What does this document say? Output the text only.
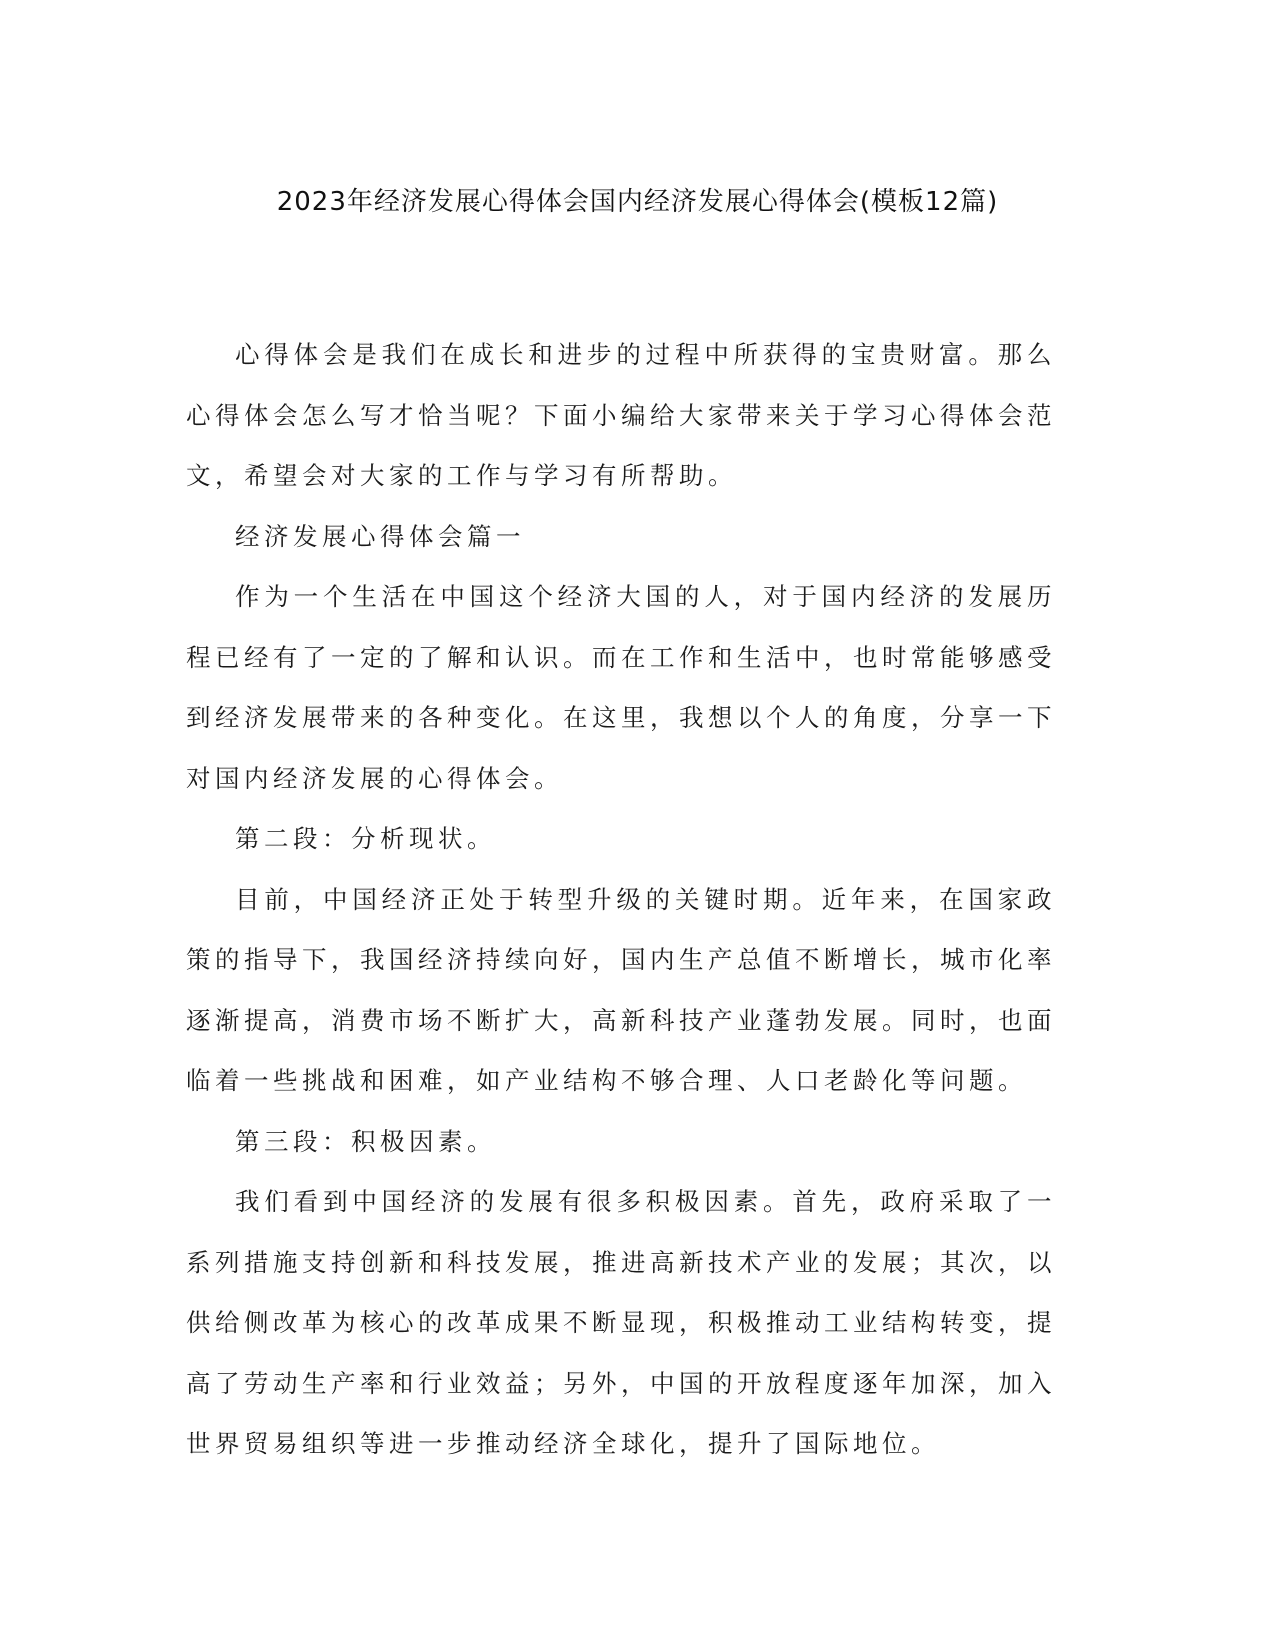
2023年经济发展心得体会国内经济发展心得体会(模板12篇)

心得体会是我们在成长和进步的过程中所获得的宝贵财富。那么心得体会怎么写才恰当呢？下面小编给大家带来关于学习心得体会范文，希望会对大家的工作与学习有所帮助。

经济发展心得体会篇一

作为一个生活在中国这个经济大国的人，对于国内经济的发展历程已经有了一定的了解和认识。而在工作和生活中，也时常能够感受到经济发展带来的各种变化。在这里，我想以个人的角度，分享一下对国内经济发展的心得体会。

第二段：分析现状。

目前，中国经济正处于转型升级的关键时期。近年来，在国家政策的指导下，我国经济持续向好，国内生产总值不断增长，城市化率逐渐提高，消费市场不断扩大，高新科技产业蓬勃发展。同时，也面临着一些挑战和困难，如产业结构不够合理、人口老龄化等问题。

第三段：积极因素。

我们看到中国经济的发展有很多积极因素。首先，政府采取了一系列措施支持创新和科技发展，推进高新技术产业的发展；其次，以供给侧改革为核心的改革成果不断显现，积极推动工业结构转变，提高了劳动生产率和行业效益；另外，中国的开放程度逐年加深，加入世界贸易组织等进一步推动经济全球化，提升了国际地位。
